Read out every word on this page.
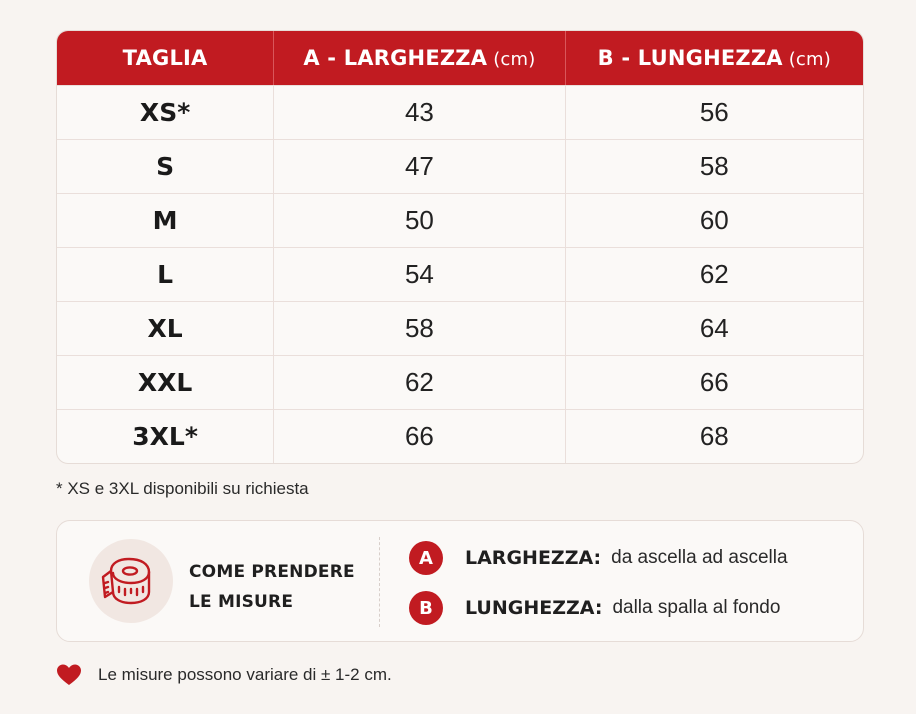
TAGLIA	A - LARGHEZZA (cm)	B - LUNGHEZZA (cm)
XS*	43	56
S	47	58
M	50	60
L	54	62
XL	58	64
XXL	62	66
3XL*	66	68
* XS e 3XL disponibili su richiesta
COME PRENDERE
LE MISURE
A	LARGHEZZA: da ascella ad ascella
B	LUNGHEZZA: dalla spalla al fondo
Le misure possono variare di ± 1-2 cm.
